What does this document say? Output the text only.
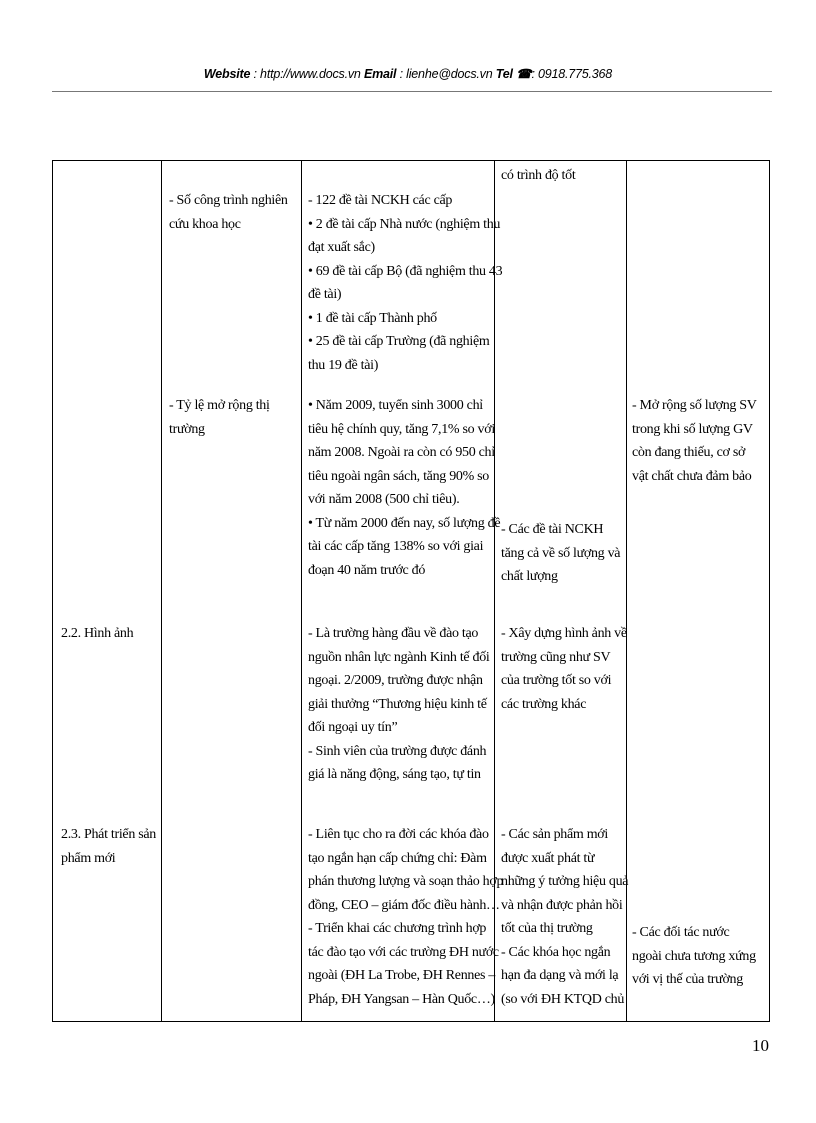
Website : http://www.docs.vn Email : lienhe@docs.vn Tel ☎: 0918.775.368
2.2. Hình ảnh
2.3. Phát triển sản
phẩm mới
- Số công trình nghiên
cứu khoa học
- Tỷ lệ mở rộng thị
trường
- 122 đề tài NCKH các cấp
• 2 đề tài cấp Nhà nước (nghiệm thu
đạt xuất sắc)
• 69 đề tài cấp Bộ (đã nghiệm thu 43
đề tài)
• 1 đề tài cấp Thành phố
• 25 đề tài cấp Trường (đã nghiệm
thu 19 đề tài)
• Năm 2009, tuyển sinh 3000 chỉ
tiêu hệ chính quy, tăng 7,1% so với
năm 2008. Ngoài ra còn có 950 chỉ
tiêu ngoài ngân sách, tăng 90% so
với năm 2008 (500 chỉ tiêu).
• Từ năm 2000 đến nay, số lượng đề
tài các cấp tăng 138% so với giai
đoạn 40 năm trước đó
- Là trường hàng đầu về đào tạo
nguồn nhân lực ngành Kinh tế đối
ngoại. 2/2009, trường được nhận
giải thưởng “Thương hiệu kinh tế
đối ngoại uy tín”
- Sinh viên của trường được đánh
giá là năng động, sáng tạo, tự tin
- Liên tục cho ra đời các khóa đào
tạo ngắn hạn cấp chứng chỉ: Đàm
phán thương lượng và soạn thảo hợp
đồng, CEO – giám đốc điều hành…
- Triển khai các chương trình hợp
tác đào tạo với các trường ĐH nước
ngoài (ĐH La Trobe, ĐH Rennes –
Pháp, ĐH Yangsan – Hàn Quốc…)
có trình độ tốt
- Các đề tài NCKH
tăng cả về số lượng và
chất lượng
- Xây dựng hình ảnh về
trường cũng như SV
của trường tốt so với
các trường khác
- Các sản phẩm mới
được xuất phát từ
những ý tưởng hiệu quả
và nhận được phản hồi
tốt của thị trường
- Các khóa học ngắn
hạn đa dạng và mới lạ
(so với ĐH KTQD chủ
- Mở rộng số lượng SV
trong khi số lượng GV
còn đang thiếu, cơ sở
vật chất chưa đảm bảo
- Các đối tác nước
ngoài chưa tương xứng
với vị thế của trường
10
